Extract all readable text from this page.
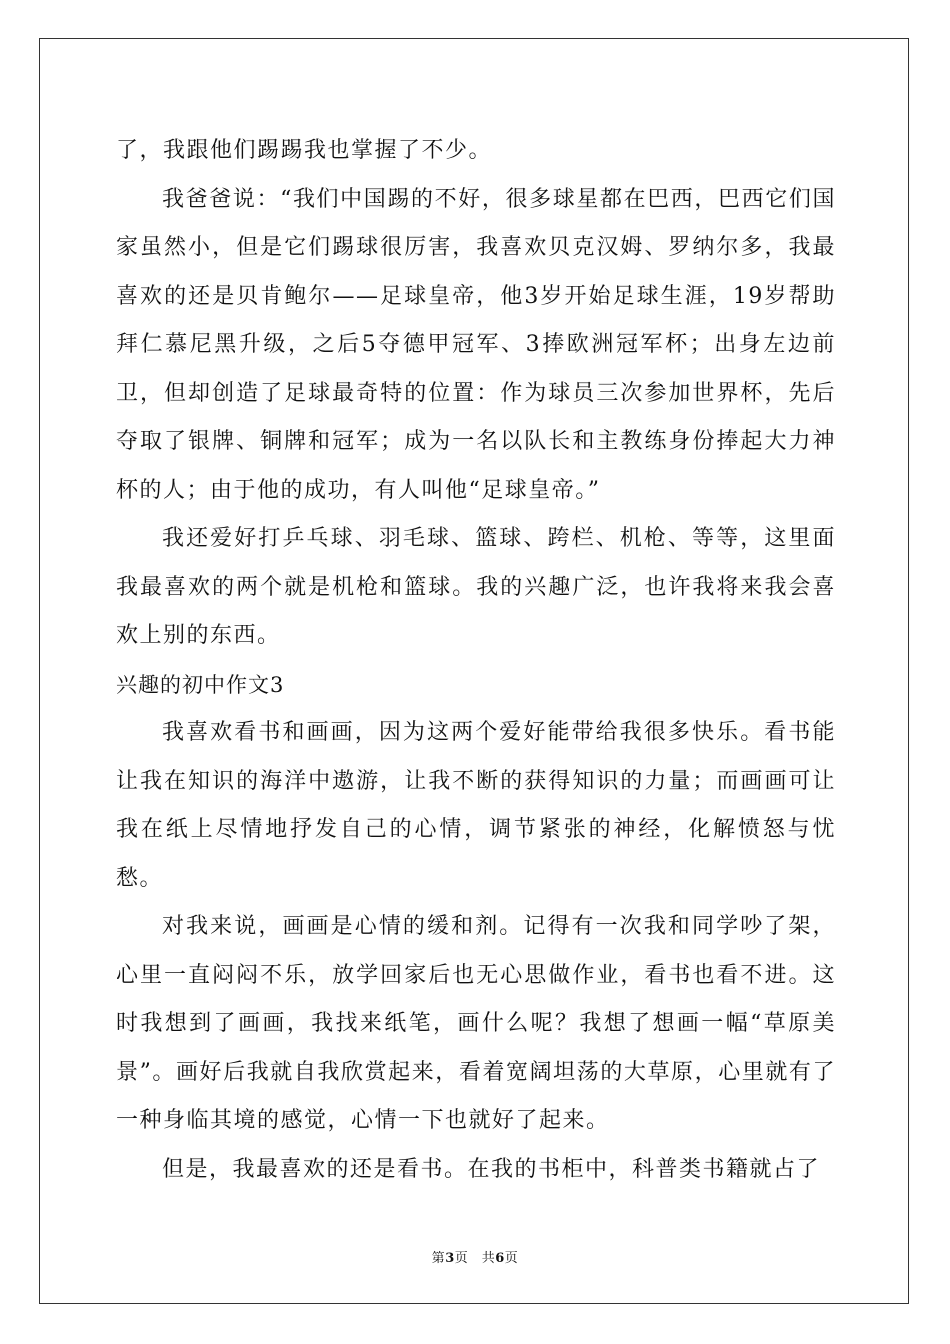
了，我跟他们踢踢我也掌握了不少。

我爸爸说：“我们中国踢的不好，很多球星都在巴西，巴西它们国家虽然小，但是它们踢球很厉害，我喜欢贝克汉姆、罗纳尔多，我最喜欢的还是贝肯鲍尔——足球皇帝，他3岁开始足球生涯，19岁帮助拜仁慕尼黑升级，之后5夺德甲冠军、3捧欧洲冠军杯；出身左边前卫，但却创造了足球最奇特的位置：作为球员三次参加世界杯，先后夺取了银牌、铜牌和冠军；成为一名以队长和主教练身份捧起大力神杯的人；由于他的成功，有人叫他“足球皇帝。”

我还爱好打乒乓球、羽毛球、篮球、跨栏、机枪、等等，这里面我最喜欢的两个就是机枪和篮球。我的兴趣广泛，也许我将来我会喜欢上别的东西。

兴趣的初中作文3

我喜欢看书和画画，因为这两个爱好能带给我很多快乐。看书能让我在知识的海洋中遨游，让我不断的获得知识的力量；而画画可让我在纸上尽情地抒发自己的心情，调节紧张的神经，化解愤怒与忧愁。

对我来说，画画是心情的缓和剂。记得有一次我和同学吵了架，心里一直闷闷不乐，放学回家后也无心思做作业，看书也看不进。这时我想到了画画，我找来纸笔，画什么呢？我想了想画一幅“草原美景”。画好后我就自我欣赏起来，看着宽阔坦荡的大草原，心里就有了一种身临其境的感觉，心情一下也就好了起来。

但是，我最喜欢的还是看书。在我的书柜中，科普类书籍就占了

第3页　共6页
